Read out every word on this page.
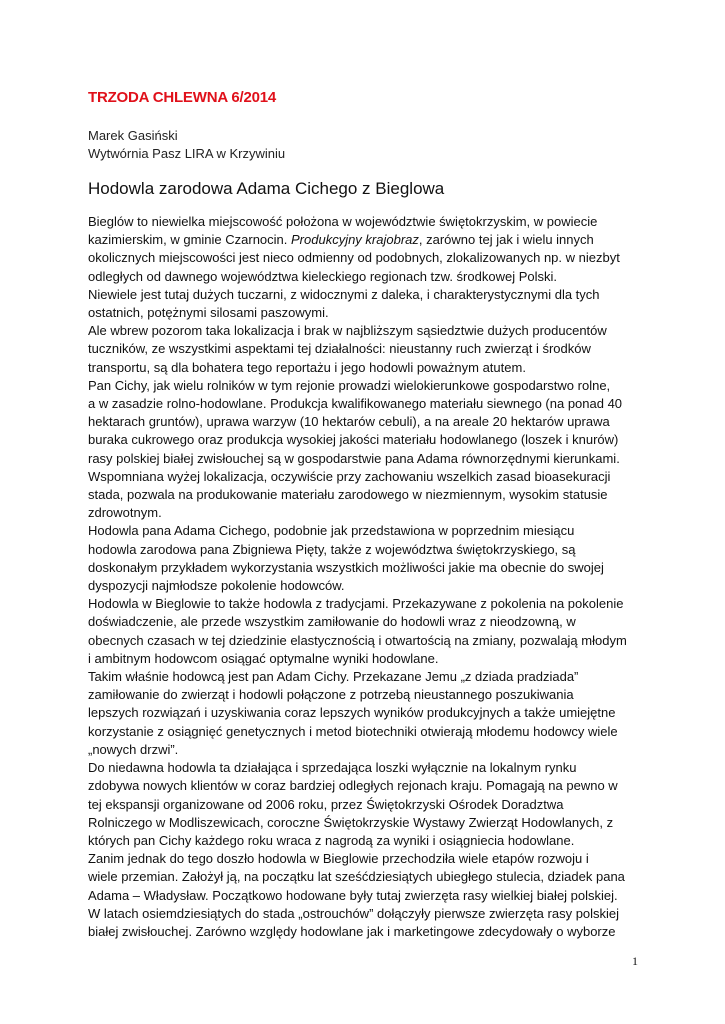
TRZODA CHLEWNA 6/2014

Marek Gasiński

Wytwórnia Pasz LIRA w Krzywiniu

Hodowla zarodowa Adama Cichego z Bieglowa

Bieglów to niewielka miejscowość położona w województwie świętokrzyskim, w powiecie
kazimierskim, w gminie Czarnocin. Produkcyjny krajobraz, zarówno tej jak i wielu innych
okolicznych miejscowości jest nieco odmienny od podobnych, zlokalizowanych np. w niezbyt
odległych od dawnego województwa kieleckiego regionach tzw. środkowej Polski.

Niewiele jest tutaj dużych tuczarni, z widocznymi z daleka, i charakterystycznymi dla tych
ostatnich, potężnymi silosami paszowymi.

Ale wbrew pozorom taka lokalizacja i brak w najbliższym sąsiedztwie dużych producentów
tuczników, ze wszystkimi aspektami tej działalności: nieustanny ruch zwierząt i środków
transportu, są dla bohatera tego reportażu i jego hodowli poważnym atutem.

Pan Cichy, jak wielu rolników w tym rejonie prowadzi wielokierunkowe gospodarstwo rolne,
a w zasadzie rolno-hodowlane. Produkcja kwalifikowanego materiału siewnego (na ponad 40
hektarach gruntów), uprawa warzyw (10 hektarów cebuli), a na areale 20 hektarów uprawa
buraka cukrowego oraz produkcja wysokiej jakości materiału hodowlanego (loszek i knurów)
rasy polskiej białej zwisłouchej są w gospodarstwie pana Adama równorzędnymi kierunkami.

Wspomniana wyżej lokalizacja, oczywiście przy zachowaniu wszelkich zasad bioasekuracji
stada, pozwala na produkowanie materiału zarodowego w niezmiennym, wysokim statusie
zdrowotnym.

Hodowla pana Adama Cichego, podobnie jak przedstawiona w poprzednim miesiącu
hodowla zarodowa pana Zbigniewa Pięty, także z województwa świętokrzyskiego, są
doskonałym przykładem wykorzystania wszystkich możliwości jakie ma obecnie do swojej
dyspozycji najmłodsze pokolenie hodowców.

Hodowla w Bieglowie to także hodowla z tradycjami. Przekazywane z pokolenia na pokolenie
doświadczenie, ale przede wszystkim zamiłowanie do hodowli wraz z nieodzowną, w
obecnych czasach w tej dziedzinie elastycznością i otwartością na zmiany, pozwalają młodym
i ambitnym hodowcom osiągać optymalne wyniki hodowlane.

Takim właśnie hodowcą jest pan Adam Cichy. Przekazane Jemu „z dziada pradziada”
zamiłowanie do zwierząt i hodowli połączone z potrzebą nieustannego poszukiwania
lepszych rozwiązań i uzyskiwania coraz lepszych wyników produkcyjnych a także umiejętne
korzystanie z osiągnięć genetycznych i metod biotechniki otwierają młodemu hodowcy wiele
„nowych drzwi”.

Do niedawna hodowla ta działająca i sprzedająca loszki wyłącznie na lokalnym rynku
zdobywa nowych klientów w coraz bardziej odległych rejonach kraju. Pomagają na pewno w
tej ekspansji organizowane od 2006 roku, przez Świętokrzyski Ośrodek Doradztwa
Rolniczego w Modliszewicach, coroczne Świętokrzyskie Wystawy Zwierząt Hodowlanych, z
których pan Cichy każdego roku wraca z nagrodą za wyniki i osiągniecia hodowlane.

Zanim jednak do tego doszło hodowla w Bieglowie przechodziła wiele etapów rozwoju i
wiele przemian. Założył ją, na początku lat sześćdziesiątych ubiegłego stulecia, dziadek pana
Adama – Władysław. Początkowo hodowane były tutaj zwierzęta rasy wielkiej białej polskiej.
W latach osiemdziesiątych do stada „ostrouchów” dołączyły pierwsze zwierzęta rasy polskiej
białej zwisłouchej. Zarówno względy hodowlane jak i marketingowe zdecydowały o wyborze

1
